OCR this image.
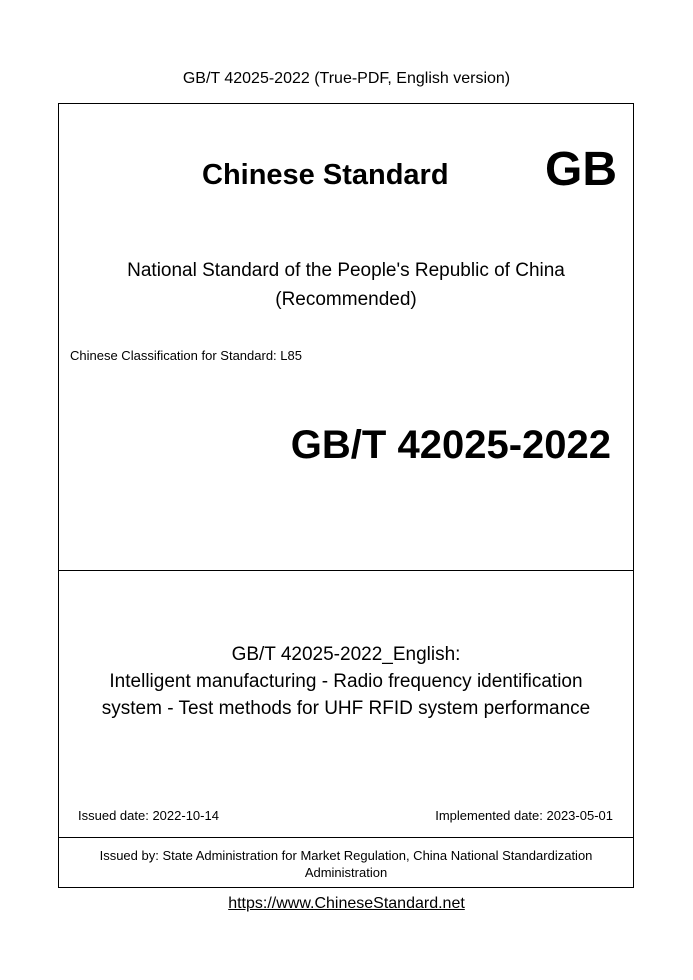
GB/T 42025-2022 (True-PDF, English version)
Chinese Standard GB
National Standard of the People's Republic of China
(Recommended)
Chinese Classification for Standard: L85
GB/T 42025-2022
GB/T 42025-2022_English:
Intelligent manufacturing - Radio frequency identification
system - Test methods for UHF RFID system performance
Issued date: 2022-10-14	Implemented date: 2023-05-01
Issued by: State Administration for Market Regulation, China National Standardization
Administration
https://www.ChineseStandard.net
